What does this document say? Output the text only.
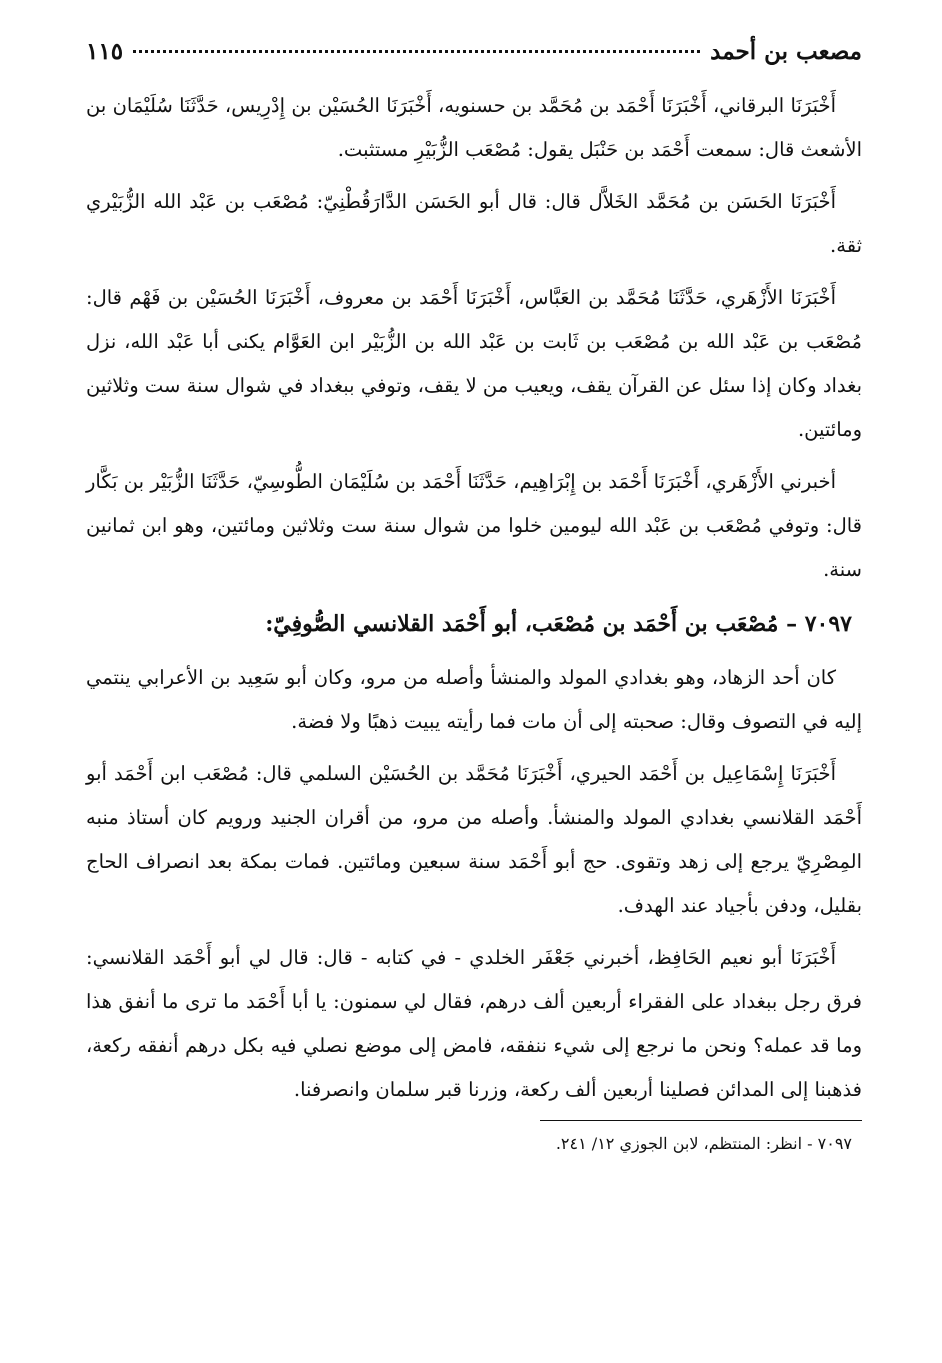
مصعب بن أحمد
١١٥

أَخْبَرَنَا البرقاني، أَخْبَرَنَا أَحْمَد بن مُحَمَّد بن حسنويه، أَخْبَرَنَا الحُسَيْن بن إِدْرِيس، حَدَّثَنَا سُلَيْمَان بن الأشعث قال: سمعت أَحْمَد بن حَنْبَل يقول: مُصْعَب الزُّبَيْرِ مستثبت.

أَخْبَرَنَا الحَسَن بن مُحَمَّد الخَلاَّل قال: قال أبو الحَسَن الدَّارَقُطْنِيّ: مُصْعَب بن عَبْد الله الزُّبَيْري ثقة.

أَخْبَرَنَا الأَزْهَري، حَدَّثَنَا مُحَمَّد بن العَبَّاس، أَخْبَرَنَا أَحْمَد بن معروف، أَخْبَرَنَا الحُسَيْن بن فَهْم قال: مُصْعَب بن عَبْد الله بن مُصْعَب بن ثَابت بن عَبْد الله بن الزُّبَيْر ابن العَوَّام يكنى أبا عَبْد الله، نزل بغداد وكان إذا سئل عن القرآن يقف، ويعيب من لا يقف، وتوفي ببغداد في شوال سنة ست وثلاثين ومائتين.

أخبرني الأَزْهَري، أَخْبَرَنَا أَحْمَد بن إِبْرَاهِيم، حَدَّثَنَا أَحْمَد بن سُلَيْمَان الطُّوسِيّ، حَدَّثَنَا الزُّبَيْر بن بَكَّار قال: وتوفي مُصْعَب بن عَبْد الله ليومين خلوا من شوال سنة ست وثلاثين ومائتين، وهو ابن ثمانين سنة.

٧٠٩٧ – مُصْعَب بن أَحْمَد بن مُصْعَب، أبو أَحْمَد القلانسي الصُّوفِيّ:

كان أحد الزهاد، وهو بغدادي المولد والمنشأ وأصله من مرو، وكان أبو سَعِيد بن الأعرابي ينتمي إليه في التصوف وقال: صحبته إلى أن مات فما رأيته يبيت ذهبًا ولا فضة.

أَخْبَرَنَا إِسْمَاعِيل بن أَحْمَد الحيري، أَخْبَرَنَا مُحَمَّد بن الحُسَيْن السلمي قال: مُصْعَب ابن أَحْمَد أبو أَحْمَد القلانسي بغدادي المولد والمنشأ. وأصله من مرو، من أقران الجنيد ورويم كان أستاذ منبه المِصْرِيّ يرجع إلى زهد وتقوى. حج أبو أَحْمَد سنة سبعين ومائتين. فمات بمكة بعد انصراف الحاج بقليل، ودفن بأجياد عند الهدف.

أَخْبَرَنَا أبو نعيم الحَافِظ، أخبرني جَعْفَر الخلدي - في كتابه - قال: قال لي أبو أَحْمَد القلانسي: فرق رجل ببغداد على الفقراء أربعين ألف درهم، فقال لي سمنون: يا أبا أَحْمَد ما ترى ما أنفق هذا وما قد عمله؟ ونحن ما نرجع إلى شيء ننفقه، فامض إلى موضع نصلي فيه بكل درهم أنفقه ركعة، فذهبنا إلى المدائن فصلينا أربعين ألف ركعة، وزرنا قبر سلمان وانصرفنا.

٧٠٩٧ - انظر: المنتظم، لابن الجوزي ١٢/ ٢٤١.
